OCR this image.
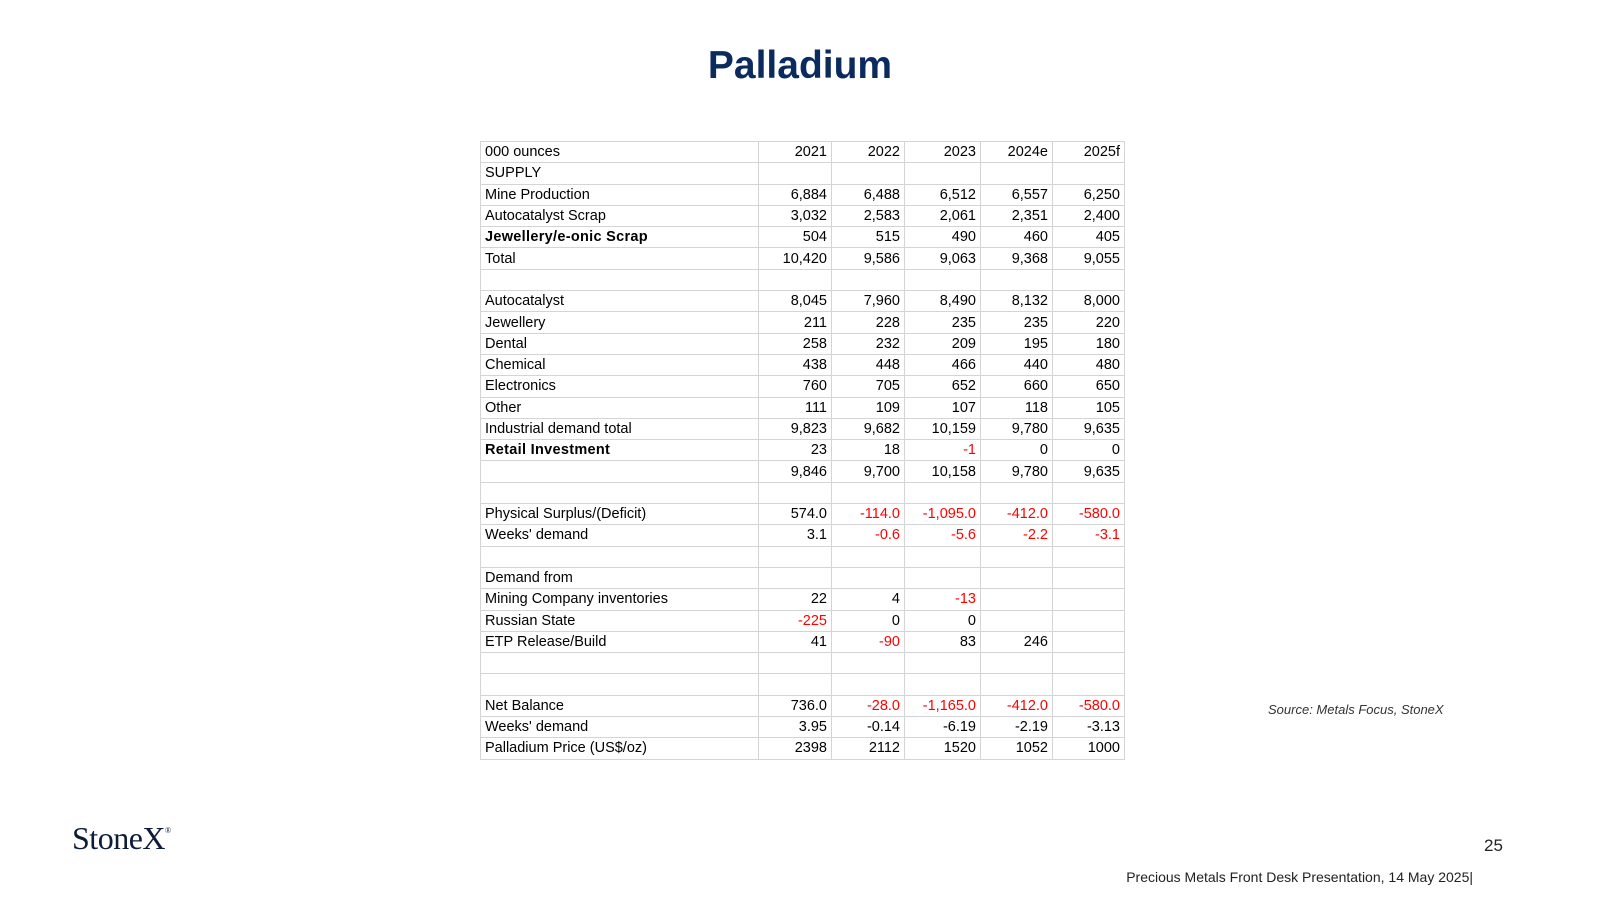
Palladium
000 ounces	2021	2022	2023	2024e	2025f
SUPPLY					
Mine Production	6,884	6,488	6,512	6,557	6,250
Autocatalyst Scrap	3,032	2,583	2,061	2,351	2,400
Jewellery/e-onic Scrap	504	515	490	460	405
Total	10,420	9,586	9,063	9,368	9,055

Autocatalyst	8,045	7,960	8,490	8,132	8,000
Jewellery	211	228	235	235	220
Dental	258	232	209	195	180
Chemical	438	448	466	440	480
Electronics	760	705	652	660	650
Other	111	109	107	118	105
Industrial demand total	9,823	9,682	10,159	9,780	9,635
Retail Investment	23	18	-1	0	0
	9,846	9,700	10,158	9,780	9,635

Physical Surplus/(Deficit)	574.0	-114.0	-1,095.0	-412.0	-580.0
Weeks' demand	3.1	-0.6	-5.6	-2.2	-3.1

Demand from					
Mining Company inventories	22	4	-13		
Russian State	-225	0	0		
ETP Release/Build	41	-90	83	246	

Net Balance	736.0	-28.0	-1,165.0	-412.0	-580.0
Weeks' demand	3.95	-0.14	-6.19	-2.19	-3.13
Palladium Price (US$/oz)	2398	2112	1520	1052	1000
Source: Metals Focus, StoneX
StoneX®
25
Precious Metals Front Desk Presentation, 14 May 2025|
